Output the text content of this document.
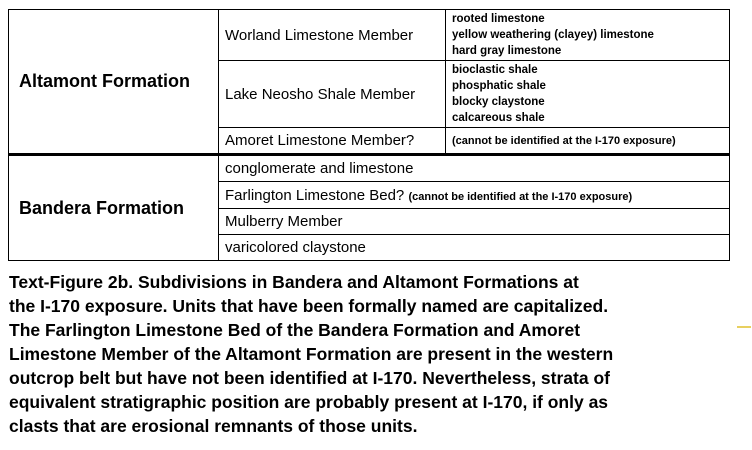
Altamont Formation	Worland Limestone Member	rooted limestone
yellow weathering (clayey) limestone
hard gray limestone

	Lake Neosho Shale Member	bioclastic shale
phosphatic shale
blocky claystone
calcareous shale

	Amoret Limestone Member?	(cannot be identified at the I-170 exposure)
Bandera Formation	conglomerate and limestone	
	Farlington Limestone Bed? (cannot be identified at the I-170 exposure)	
	Mulberry Member	
	varicolored claystone	
Text-Figure 2b. Subdivisions in Bandera and Altamont Formations at
the I-170 exposure. Units that have been formally named are capitalized.
The Farlington Limestone Bed of the Bandera Formation and Amoret
Limestone Member of the Altamont Formation are present in the western
outcrop belt but have not been identified at I-170. Nevertheless, strata of
equivalent stratigraphic position are probably present at I-170, if only as
clasts that are erosional remnants of those units.
